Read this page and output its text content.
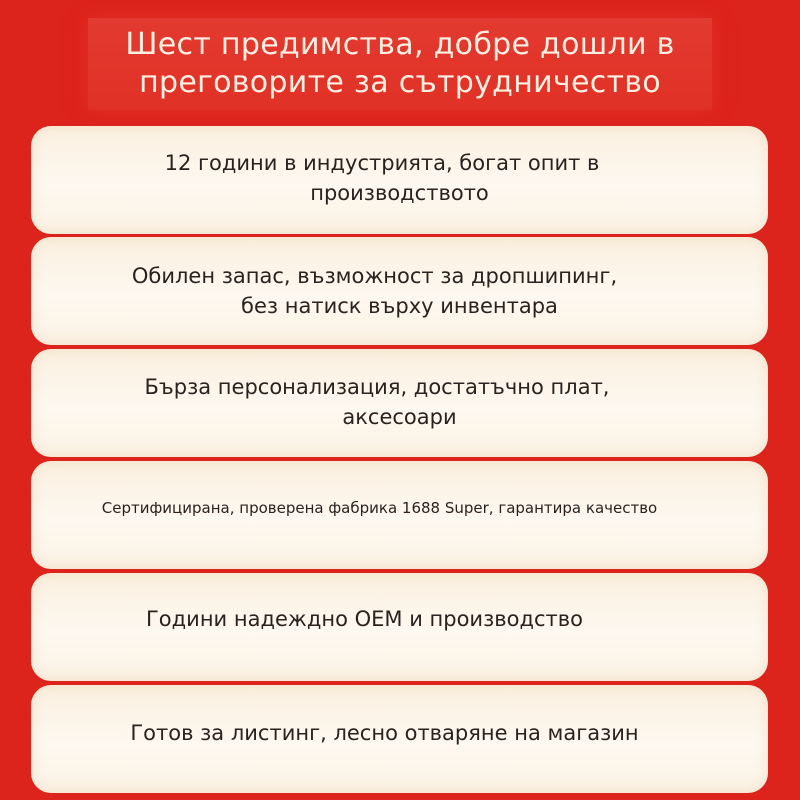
Шест предимства, добре дошли в
преговорите за сътрудничество

12 години в индустрията, богат опит в
производството

Обилен запас, възможност за дропшипинг,
без натиск върху инвентара

Бърза персонализация, достатъчно плат,
аксесоари

Сертифицирана, проверена фабрика 1688 Super, гарантира качество

Години надеждно OEM и производство

Готов за листинг, лесно отваряне на магазин
